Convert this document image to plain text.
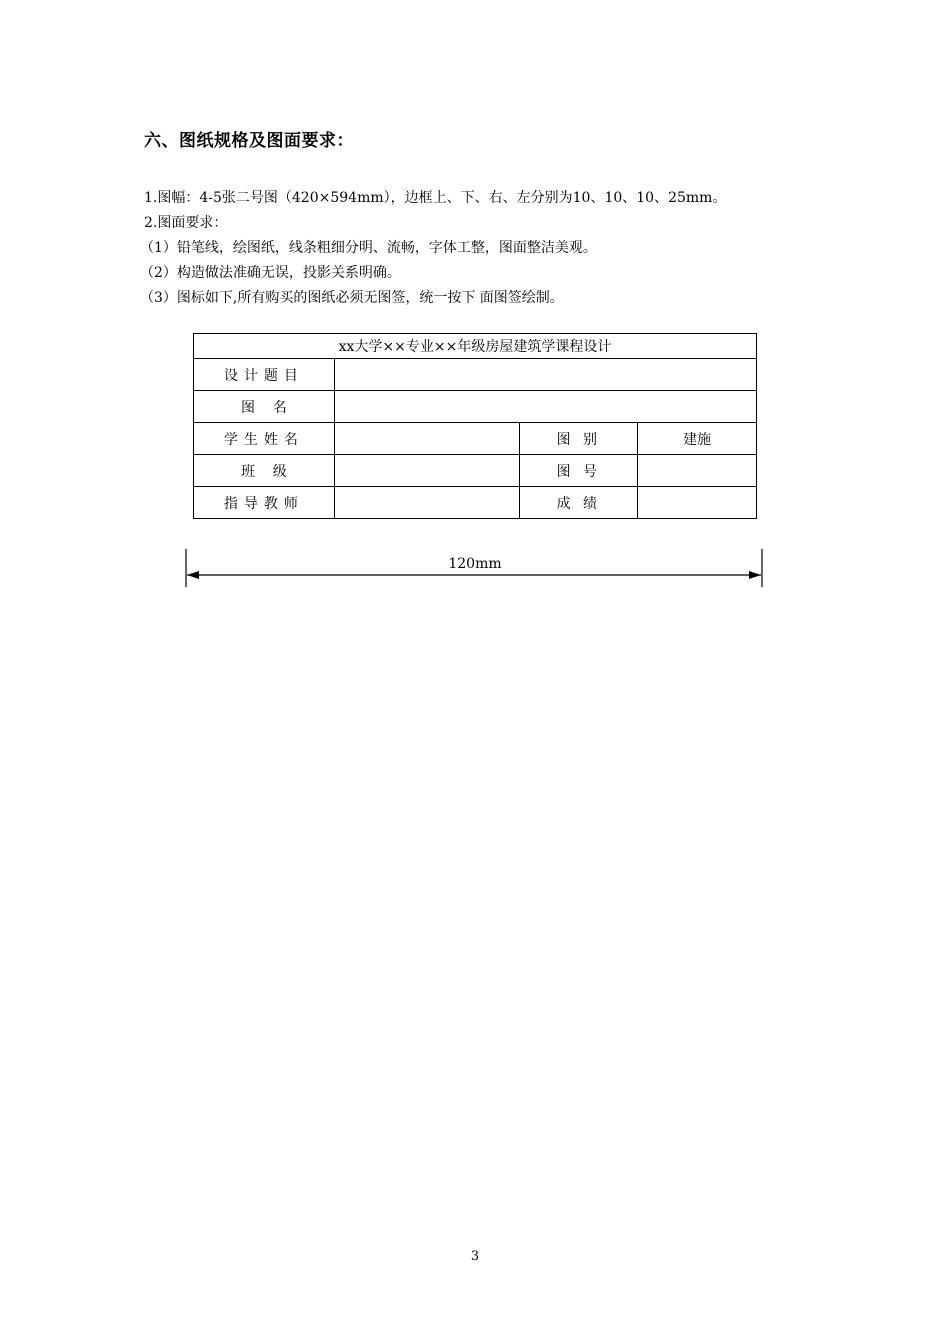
六、图纸规格及图面要求：
1.图幅：4-5张二号图（420×594mm），边框上、下、右、左分别为10、10、10、25mm。
2.图面要求：
（1）铅笔线，绘图纸，线条粗细分明、流畅，字体工整，图面整洁美观。
（2）构造做法准确无误，投影关系明确。
（3）图标如下,所有购买的图纸必须无图签，统一按下 面图签绘制。
xx大学××专业××年级房屋建筑学课程设计			
设计题目			
图    名			
学生姓名		图 别	建施
班    级		图 号	
指导教师		成 绩	
120mm
3
